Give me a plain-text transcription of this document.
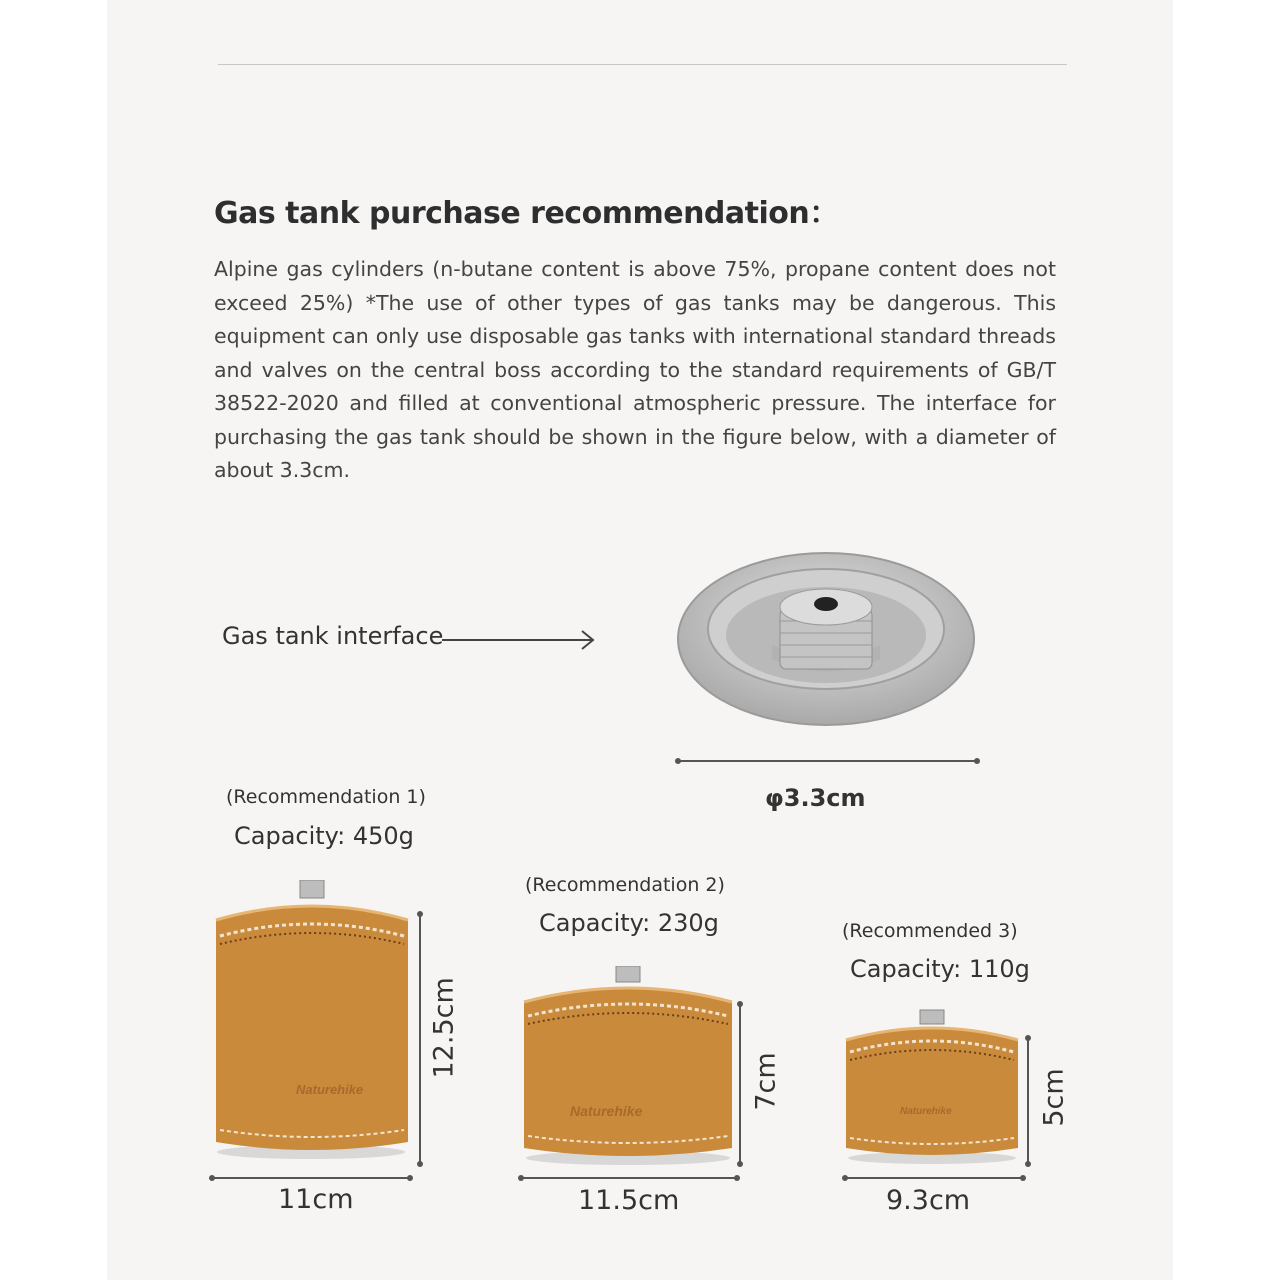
Gas tank purchase recommendation：
Alpine gas cylinders (n-butane content is above 75%, propane content does not exceed 25%) *The use of other types of gas tanks may be dangerous. This equipment can only use disposable gas tanks with international standard threads and valves on the central boss according to the standard requirements of GB/T 38522-2020 and filled at conventional atmospheric pressure. The interface for purchasing the gas tank should be shown in the figure below, with a diameter of about 3.3cm.
Gas tank interface
φ3.3cm
(Recommendation 1)
Capacity: 450g
Naturehike
12.5cm
11cm
(Recommendation 2)
Capacity: 230g
Naturehike
7cm
11.5cm
(Recommended 3)
Capacity: 110g
Naturehike	5cm
9.3cm
